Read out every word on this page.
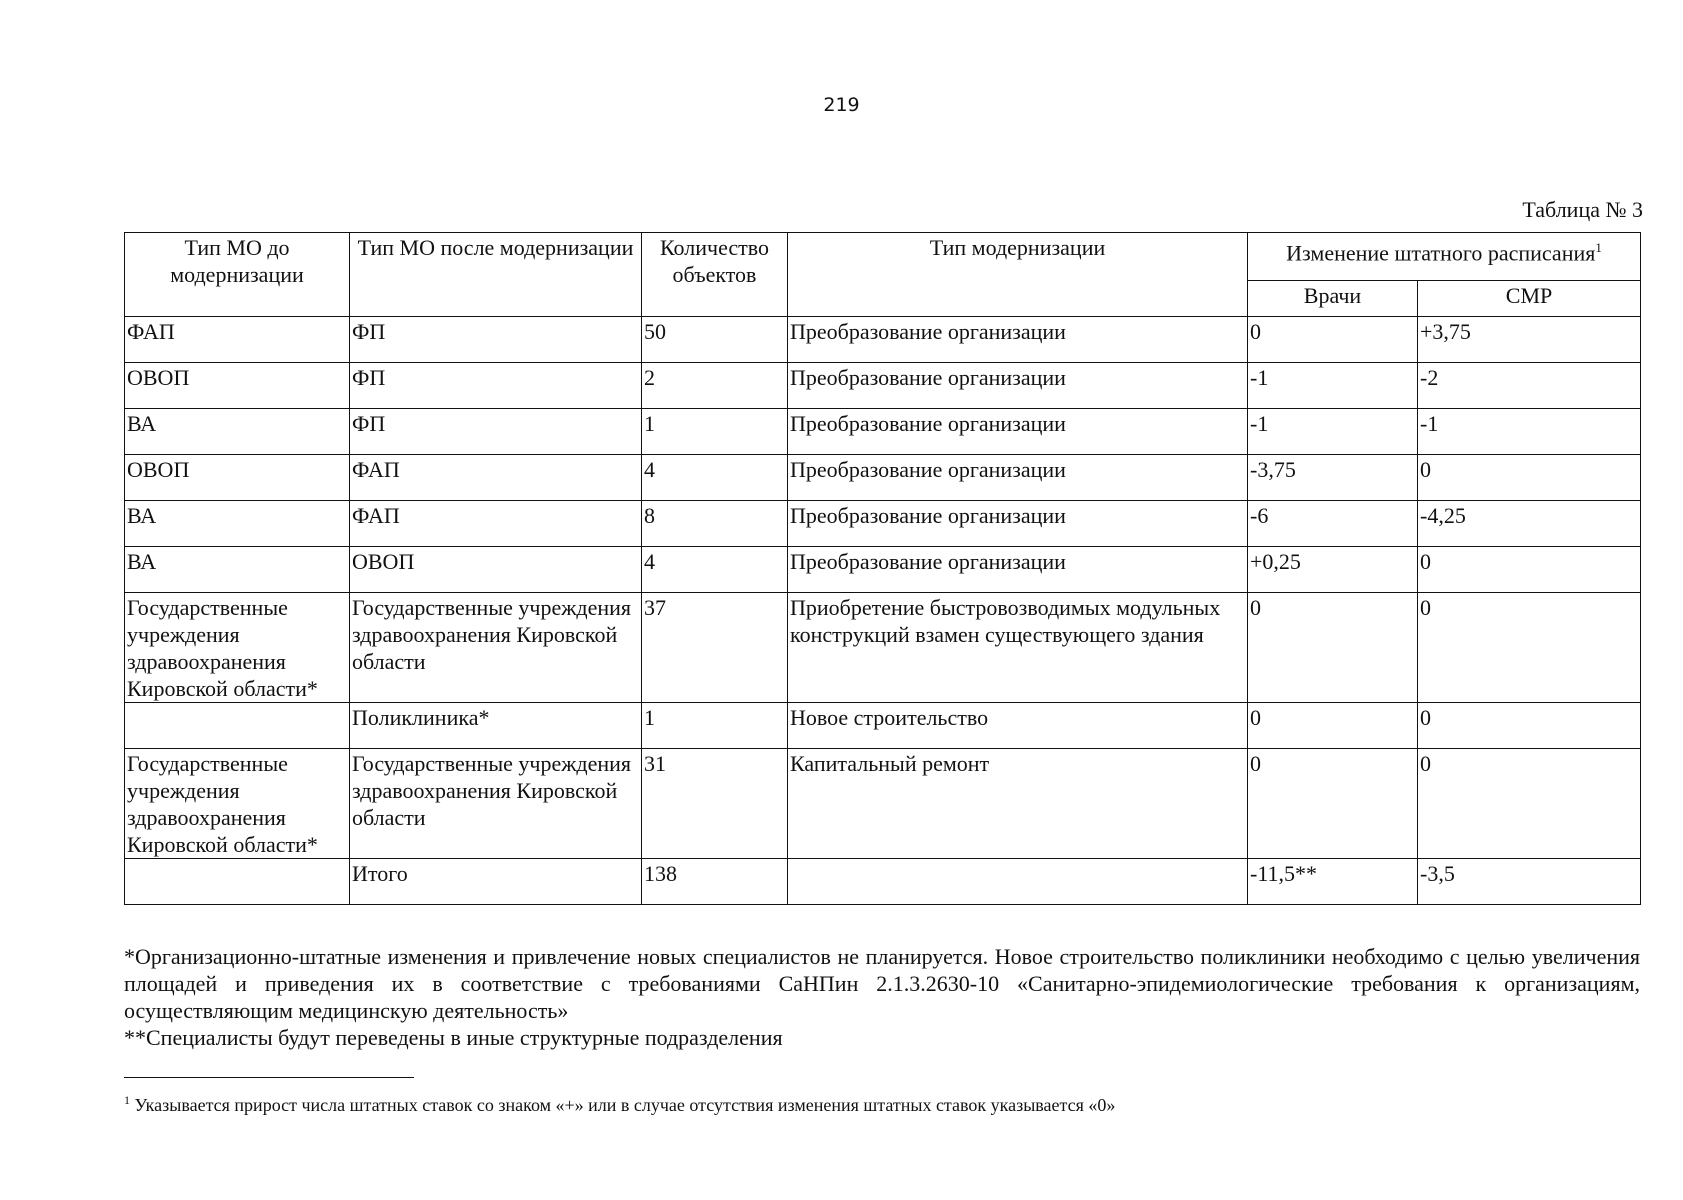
219
Таблица № 3
Тип МО до модернизации	Тип МО после модернизации	Количество объектов	Тип модернизации	Изменение штатного расписания$^1$
				Врачи	СМР
ФАП	ФП	50	Преобразование организации	0	+3,75
ОВОП	ФП	2	Преобразование организации	-1	-2
ВА	ФП	1	Преобразование организации	-1	-1
ОВОП	ФАП	4	Преобразование организации	-3,75	0
ВА	ФАП	8	Преобразование организации	-6	-4,25
ВА	ОВОП	4	Преобразование организации	+0,25	0
Государственные учреждения здравоохранения Кировской области*	Государственные учреждения здравоохранения Кировской области	37	Приобретение быстровозводимых модульных конструкций взамен существующего здания	0	0
	Поликлиника*	1	Новое строительство	0	0
Государственные учреждения здравоохранения Кировской области*	Государственные учреждения здравоохранения Кировской области	31	Капитальный ремонт	0	0
	Итого	138		-11,5**	-3,5

*Организационно-штатные изменения и привлечение новых специалистов не планируется. Новое строительство поликлиники необходимо с целью увеличения площадей и приведения их в соответствие с требованиями СаНПин 2.1.3.2630-10 «Санитарно-эпидемиологические требования к организациям, осуществляющим медицинскую деятельность»

**Специалисты будут переведены в иные структурные подразделения

$^1$ Указывается прирост числа штатных ставок со знаком «+» или в случае отсутствия изменения штатных ставок указывается «0»
